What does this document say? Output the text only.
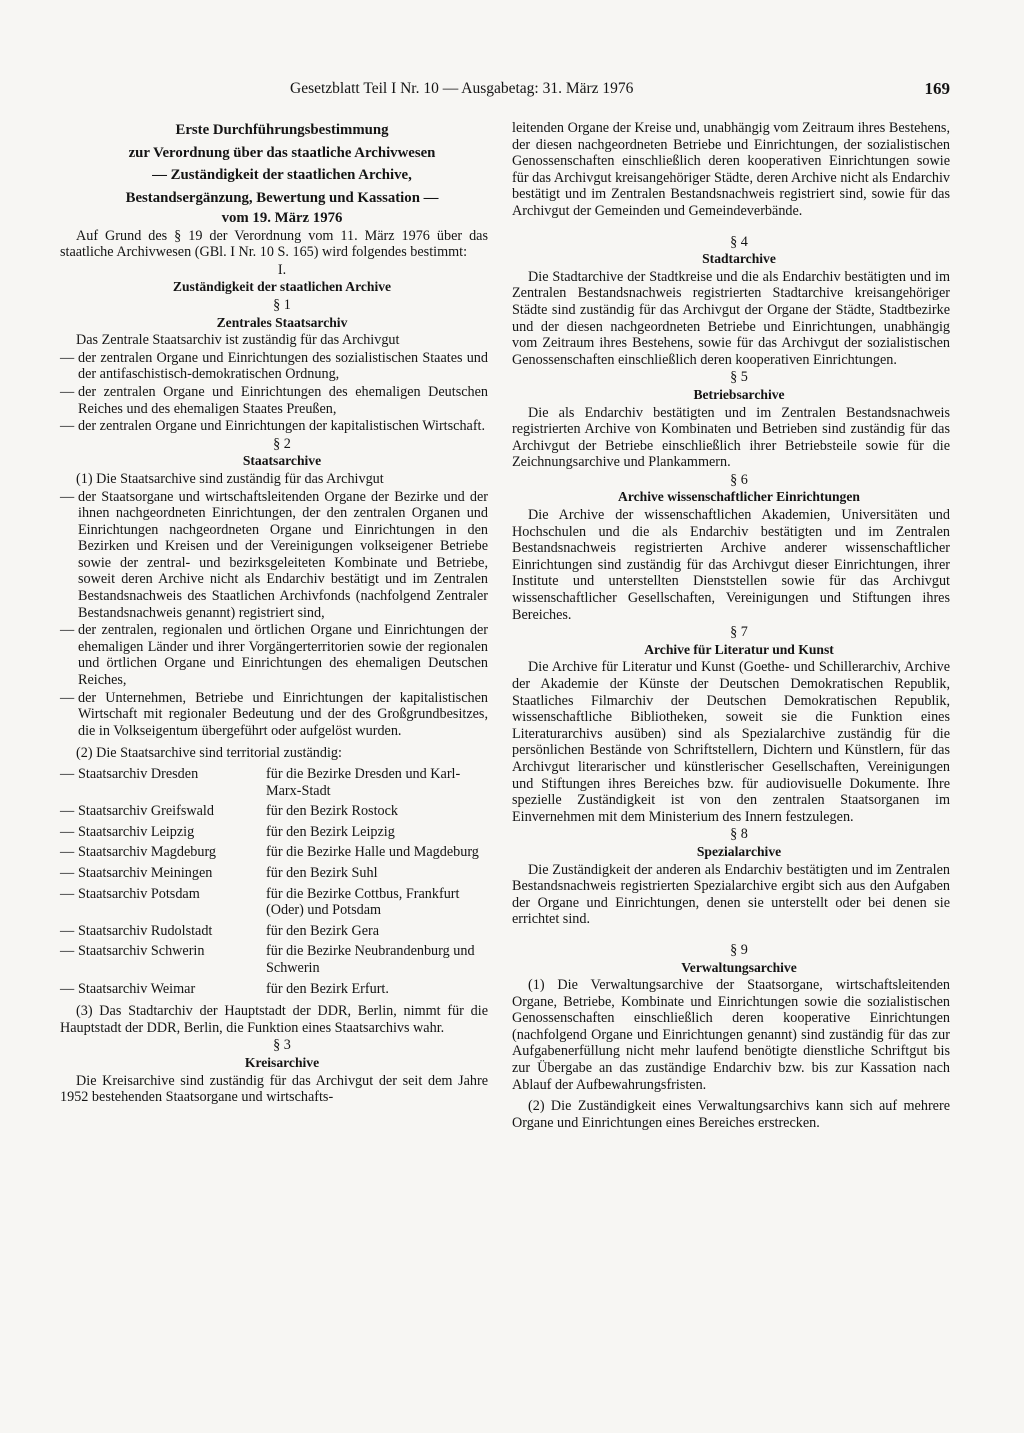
Gesetzblatt Teil I Nr. 10 — Ausgabetag: 31. März 1976	169

Erste Durchführungsbestimmung

zur Verordnung über das staatliche Archivwesen

— Zuständigkeit der staatlichen Archive,

Bestandsergänzung, Bewertung und Kassation —

vom 19. März 1976

Auf Grund des § 19 der Verordnung vom 11. März 1976 über das staatliche Archivwesen (GBl. I Nr. 10 S. 165) wird folgendes bestimmt:

I.

Zuständigkeit der staatlichen Archive

§ 1

Zentrales Staatsarchiv

Das Zentrale Staatsarchiv ist zuständig für das Archivgut

— der zentralen Organe und Einrichtungen des sozialistischen Staates und der antifaschistisch-demokratischen Ordnung,
— der zentralen Organe und Einrichtungen des ehemaligen Deutschen Reiches und des ehemaligen Staates Preußen,
— der zentralen Organe und Einrichtungen der kapitalistischen Wirtschaft.

§ 2

Staatsarchive

(1) Die Staatsarchive sind zuständig für das Archivgut

— der Staatsorgane und wirtschaftsleitenden Organe der Bezirke und der ihnen nachgeordneten Einrichtungen, der den zentralen Organen und Einrichtungen nachgeordneten Organe und Einrichtungen in den Bezirken und Kreisen und der Vereinigungen volkseigener Betriebe sowie der zentral- und bezirksgeleiteten Kombinate und Betriebe, soweit deren Archive nicht als Endarchiv bestätigt und im Zentralen Bestandsnachweis des Staatlichen Archivfonds (nachfolgend Zentraler Bestandsnachweis genannt) registriert sind,
— der zentralen, regionalen und örtlichen Organe und Einrichtungen der ehemaligen Länder und ihrer Vorgängerterritorien sowie der regionalen und örtlichen Organe und Einrichtungen des ehemaligen Deutschen Reiches,
— der Unternehmen, Betriebe und Einrichtungen der kapitalistischen Wirtschaft mit regionaler Bedeutung und der des Großgrundbesitzes, die in Volkseigentum übergeführt oder aufgelöst wurden.

(2) Die Staatsarchive sind territorial zuständig:

— Staatsarchiv Dresden	für die Bezirke Dresden und Karl-Marx-Stadt
— Staatsarchiv Greifswald	für den Bezirk Rostock
— Staatsarchiv Leipzig	für den Bezirk Leipzig
— Staatsarchiv Magdeburg	für die Bezirke Halle und Magdeburg
— Staatsarchiv Meiningen	für den Bezirk Suhl
— Staatsarchiv Potsdam	für die Bezirke Cottbus, Frankfurt (Oder) und Potsdam
— Staatsarchiv Rudolstadt	für den Bezirk Gera
— Staatsarchiv Schwerin	für die Bezirke Neubrandenburg und Schwerin
— Staatsarchiv Weimar	für den Bezirk Erfurt.

(3) Das Stadtarchiv der Hauptstadt der DDR, Berlin, nimmt für die Hauptstadt der DDR, Berlin, die Funktion eines Staatsarchivs wahr.

§ 3

Kreisarchive

Die Kreisarchive sind zuständig für das Archivgut der seit dem Jahre 1952 bestehenden Staatsorgane und wirtschafts-

leitenden Organe der Kreise und, unabhängig vom Zeitraum ihres Bestehens, der diesen nachgeordneten Betriebe und Einrichtungen, der sozialistischen Genossenschaften einschließlich deren kooperativen Einrichtungen sowie für das Archivgut kreisangehöriger Städte, deren Archive nicht als Endarchiv bestätigt und im Zentralen Bestandsnachweis registriert sind, sowie für das Archivgut der Gemeinden und Gemeindeverbände.

§ 4

Stadtarchive

Die Stadtarchive der Stadtkreise und die als Endarchiv bestätigten und im Zentralen Bestandsnachweis registrierten Stadtarchive kreisangehöriger Städte sind zuständig für das Archivgut der Organe der Städte, Stadtbezirke und der diesen nachgeordneten Betriebe und Einrichtungen, unabhängig vom Zeitraum ihres Bestehens, sowie für das Archivgut der sozialistischen Genossenschaften einschließlich deren kooperativen Einrichtungen.

§ 5

Betriebsarchive

Die als Endarchiv bestätigten und im Zentralen Bestandsnachweis registrierten Archive von Kombinaten und Betrieben sind zuständig für das Archivgut der Betriebe einschließlich ihrer Betriebsteile sowie für die Zeichnungsarchive und Plankammern.

§ 6

Archive wissenschaftlicher Einrichtungen

Die Archive der wissenschaftlichen Akademien, Universitäten und Hochschulen und die als Endarchiv bestätigten und im Zentralen Bestandsnachweis registrierten Archive anderer wissenschaftlicher Einrichtungen sind zuständig für das Archivgut dieser Einrichtungen, ihrer Institute und unterstellten Dienststellen sowie für das Archivgut wissenschaftlicher Gesellschaften, Vereinigungen und Stiftungen ihres Bereiches.

§ 7

Archive für Literatur und Kunst

Die Archive für Literatur und Kunst (Goethe- und Schillerarchiv, Archive der Akademie der Künste der Deutschen Demokratischen Republik, Staatliches Filmarchiv der Deutschen Demokratischen Republik, wissenschaftliche Bibliotheken, soweit sie die Funktion eines Literaturarchivs ausüben) sind als Spezialarchive zuständig für die persönlichen Bestände von Schriftstellern, Dichtern und Künstlern, für das Archivgut literarischer und künstlerischer Gesellschaften, Vereinigungen und Stiftungen ihres Bereiches bzw. für audiovisuelle Dokumente. Ihre spezielle Zuständigkeit ist von den zentralen Staatsorganen im Einvernehmen mit dem Ministerium des Innern festzulegen.

§ 8

Spezialarchive

Die Zuständigkeit der anderen als Endarchiv bestätigten und im Zentralen Bestandsnachweis registrierten Spezialarchive ergibt sich aus den Aufgaben der Organe und Einrichtungen, denen sie unterstellt oder bei denen sie errichtet sind.

§ 9

Verwaltungsarchive

(1) Die Verwaltungsarchive der Staatsorgane, wirtschaftsleitenden Organe, Betriebe, Kombinate und Einrichtungen sowie die sozialistischen Genossenschaften einschließlich deren kooperative Einrichtungen (nachfolgend Organe und Einrichtungen genannt) sind zuständig für das zur Aufgabenerfüllung nicht mehr laufend benötigte dienstliche Schriftgut bis zur Übergabe an das zuständige Endarchiv bzw. bis zur Kassation nach Ablauf der Aufbewahrungsfristen.

(2) Die Zuständigkeit eines Verwaltungsarchivs kann sich auf mehrere Organe und Einrichtungen eines Bereiches erstrecken.
